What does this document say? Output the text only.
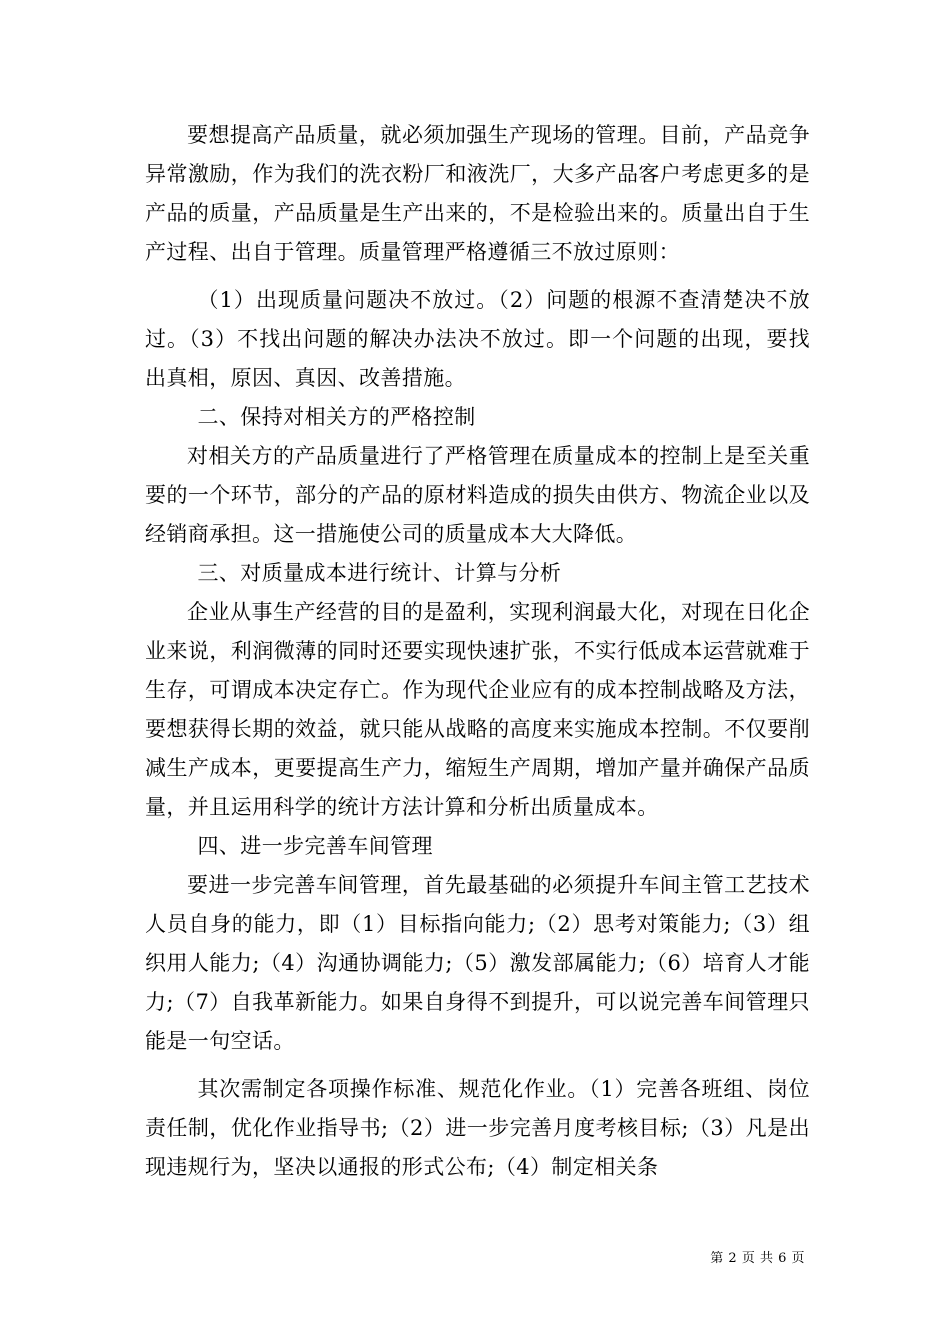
要想提高产品质量，就必须加强生产现场的管理。目前，产品竞争异常激励，作为我们的洗衣粉厂和液洗厂，大多产品客户考虑更多的是产品的质量，产品质量是生产出来的，不是检验出来的。质量出自于生产过程、出自于管理。质量管理严格遵循三不放过原则：

（1）出现质量问题决不放过。（2）问题的根源不查清楚决不放过。（3）不找出问题的解决办法决不放过。即一个问题的出现，要找出真相，原因、真因、改善措施。

二、保持对相关方的严格控制

对相关方的产品质量进行了严格管理在质量成本的控制上是至关重要的一个环节，部分的产品的原材料造成的损失由供方、物流企业以及经销商承担。这一措施使公司的质量成本大大降低。

三、对质量成本进行统计、计算与分析

企业从事生产经营的目的是盈利，实现利润最大化，对现在日化企业来说，利润微薄的同时还要实现快速扩张，不实行低成本运营就难于生存，可谓成本决定存亡。作为现代企业应有的成本控制战略及方法，要想获得长期的效益，就只能从战略的高度来实施成本控制。不仅要削减生产成本，更要提高生产力，缩短生产周期，增加产量并确保产品质量，并且运用科学的统计方法计算和分析出质量成本。

四、进一步完善车间管理

要进一步完善车间管理，首先最基础的必须提升车间主管工艺技术人员自身的能力，即（1）目标指向能力;（2）思考对策能力;（3）组织用人能力;（4）沟通协调能力;（5）激发部属能力;（6）培育人才能力;（7）自我革新能力。如果自身得不到提升，可以说完善车间管理只能是一句空话。

其次需制定各项操作标准、规范化作业。（1）完善各班组、岗位责任制，优化作业指导书;（2）进一步完善月度考核目标;（3）凡是出现违规行为，坚决以通报的形式公布;（4）制定相关条

第 2 页 共 6 页
